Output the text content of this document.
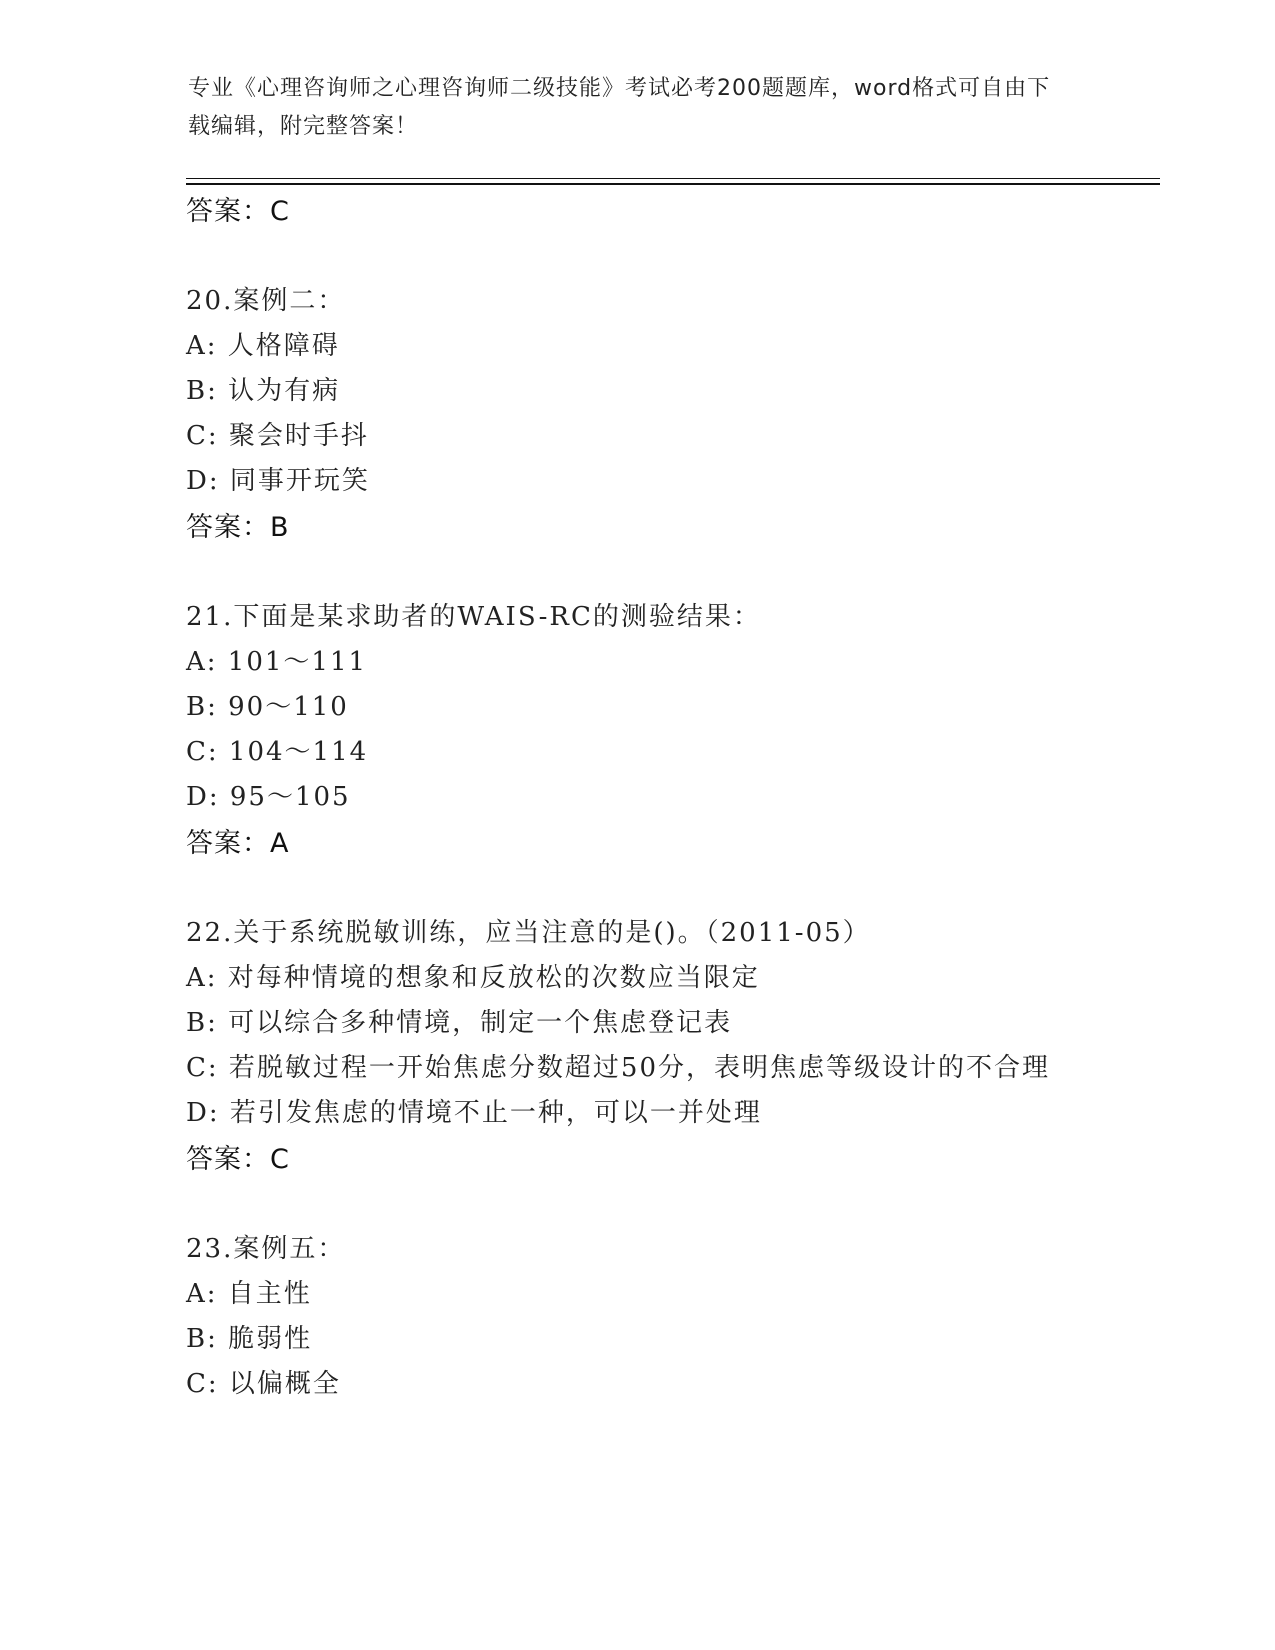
专业《心理咨询师之心理咨询师二级技能》考试必考200题题库，word格式可自由下载编辑，附完整答案！
答案：C
20.案例二：
A: 人格障碍
B: 认为有病
C: 聚会时手抖
D: 同事开玩笑
答案：B
21.下面是某求助者的WAIS-RC的测验结果：
A: 101～111
B: 90～110
C: 104～114
D: 95～105
答案：A
22.关于系统脱敏训练，应当注意的是()。（2011-05）
A: 对每种情境的想象和反放松的次数应当限定
B: 可以综合多种情境，制定一个焦虑登记表
C: 若脱敏过程一开始焦虑分数超过50分，表明焦虑等级设计的不合理
D: 若引发焦虑的情境不止一种，可以一并处理
答案：C
23.案例五：
A: 自主性
B: 脆弱性
C: 以偏概全
